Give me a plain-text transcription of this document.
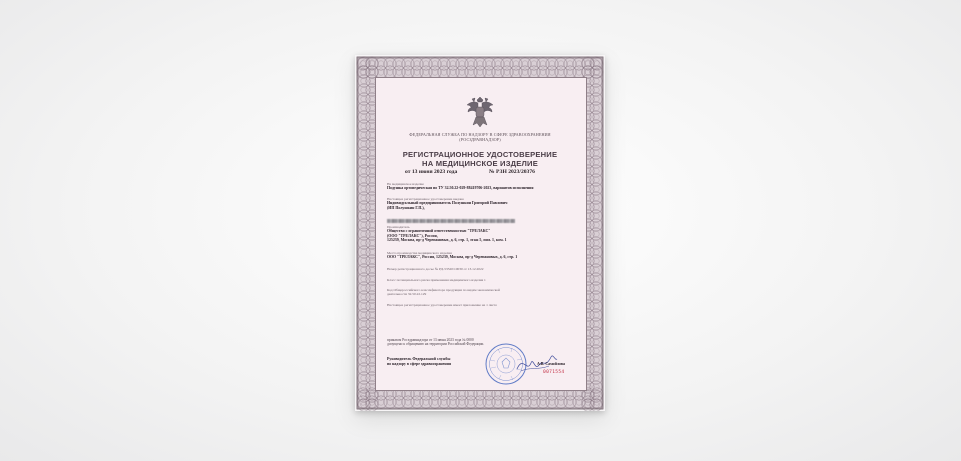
ФЕДЕРАЛЬНАЯ СЛУЖБА ПО НАДЗОРУ В СФЕРЕ ЗДРАВООХРАНЕНИЯ
(РОСЗДРАВНАДЗОР)
РЕГИСТРАЦИОННОЕ УДОСТОВЕРЕНИЕ
НА МЕДИЦИНСКОЕ ИЗДЕЛИЕ
от 13 июня 2023 года	№ РЗН 2023/20376
На медицинское изделие
Подушка ортопедическая по ТУ 32.50.22-029-88419706-2023, вариантов исполнения
Настоящее регистрационное удостоверение выдано
Индивидуальный предприниматель Полушкин Григорий Павлович
(ИП Полушкин Г.П.),
Производитель
Общество с ограниченной ответственностью "ТРЕЛАКС"
(ООО "ТРЕЛАКС"), Россия,
125239, Москва, пр-д Черепановых, д. 6, стр. 1, этаж 5, пом. 1, ком. 1
Место производства медицинского изделия
ООО "ТРЕЛАКС", Россия, 125239, Москва, пр-д Черепановых, д. 6, стр. 1
Номер регистрационного досье № РД-53520/10030 от 13.12.2022
Класс потенциального риска применения медицинского изделия 1
Код Общероссийского классификатора продукции по видам экономической
деятельности 32.50.22.129
Настоящее регистрационное удостоверение имеет приложение на 1 листе
приказом Росздравнадзора от 13 июня 2023 года № 0000
допущено к обращению на территории Российской Федерации.
Руководитель Федеральной службы
по надзору в сфере здравоохранения	А.В. Самойлова
0071554
